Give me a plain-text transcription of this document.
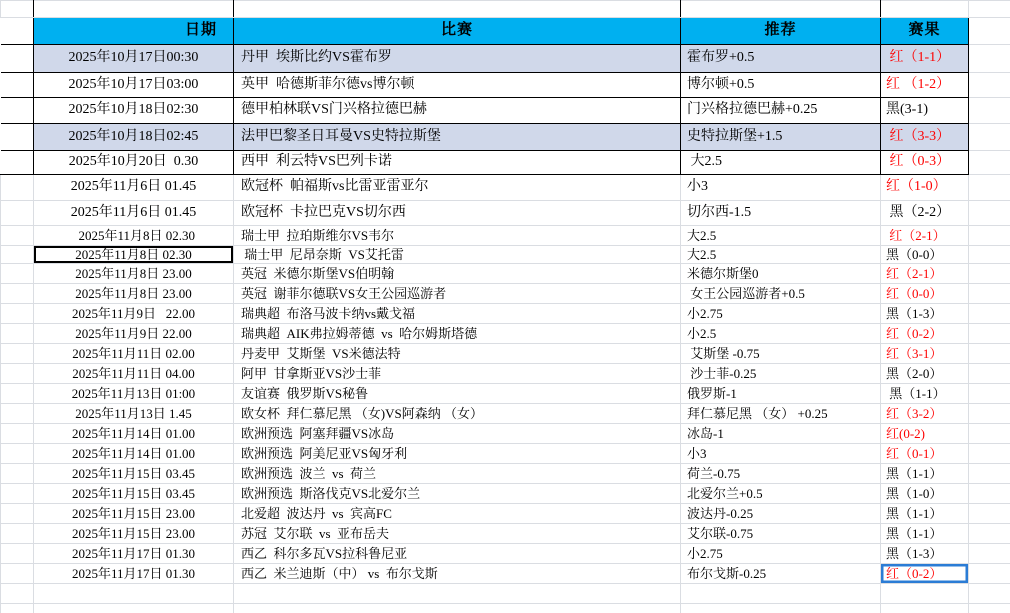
	日期	比赛	推荐	赛果	
	2025年10月17日00:30	丹甲  埃斯比约VS霍布罗	霍布罗+0.5	红（1-1）	
	2025年10月17日03:00	英甲  哈德斯菲尔德vs博尔顿	博尔顿+0.5	红 （1-2）	
	2025年10月18日02:30	德甲柏林联VS门兴格拉德巴赫	门兴格拉德巴赫+0.25	黑(3-1)	
	2025年10月18日02:45	法甲巴黎圣日耳曼VS史特拉斯堡	史特拉斯堡+1.5	红（3-3）	
	2025年10月20日  0.30	西甲  利云特VS巴列卡诺	大2.5	红（0-3）	
	2025年11月6日 01.45	欧冠杯  帕福斯vs比雷亚雷亚尔	小3	红（1-0）	
	2025年11月6日 01.45	欧冠杯  卡拉巴克VS切尔西	切尔西-1.5	黑（2-2）	
	2025年11月8日 02.30	瑞士甲  拉珀斯维尔VS韦尔	大2.5	红（2-1）	
	2025年11月8日 02.30	瑞士甲  尼昂奈斯  VS艾托雷	大2.5	黑（0-0）	
	2025年11月8日 23.00	英冠  米德尔斯堡VS伯明翰	米德尔斯堡0	红（2-1）	
	2025年11月8日 23.00	英冠  谢菲尔德联VS女王公园巡游者	女王公园巡游者+0.5	红（0-0）	
	2025年11月9日   22.00	瑞典超  布洛马波卡纳vs戴戈福	小2.75	黑（1-3）	
	2025年11月9日 22.00	瑞典超  AIK弗拉姆蒂德  vs  哈尔姆斯塔德	小2.5	红（0-2）	
	2025年11月11日 02.00	丹麦甲  艾斯堡  VS米德法特	艾斯堡 -0.75	红（3-1）	
	2025年11月11日 04.00	阿甲  甘拿斯亚VS沙士菲	沙士菲-0.25	黑（2-0）	
	2025年11月13日 01:00	友谊赛  俄罗斯VS秘鲁	俄罗斯-1	黑（1-1）	
	2025年11月13日 1.45	欧女杯  拜仁慕尼黑 （女)VS阿森纳 （女）	拜仁慕尼黑 （女） +0.25	红（3-2）	
	2025年11月14日 01.00	欧洲预选  阿塞拜疆VS冰岛	冰岛-1	红(0-2)	
	2025年11月14日 01.00	欧洲预选  阿美尼亚VS匈牙利	小3	红（0-1）	
	2025年11月15日 03.45	欧洲预选  波兰  vs  荷兰	荷兰-0.75	黑（1-1）	
	2025年11月15日 03.45	欧洲预选  斯洛伐克VS北爱尔兰	北爱尔兰+0.5	黑（1-0）	
	2025年11月15日 23.00	北爱超  波达丹  vs  宾高FC	波达丹-0.25	黑（1-1）	
	2025年11月15日 23.00	苏冠  艾尔联  vs  亚布岳夫	艾尔联-0.75	黑（1-1）	
	2025年11月17日 01.30	西乙  科尔多瓦VS拉科鲁尼亚	小2.75	黑（1-3）	
	2025年11月17日 01.30	西乙  米兰迪斯（中） vs  布尔戈斯	布尔戈斯-0.25	红（0-2）	
